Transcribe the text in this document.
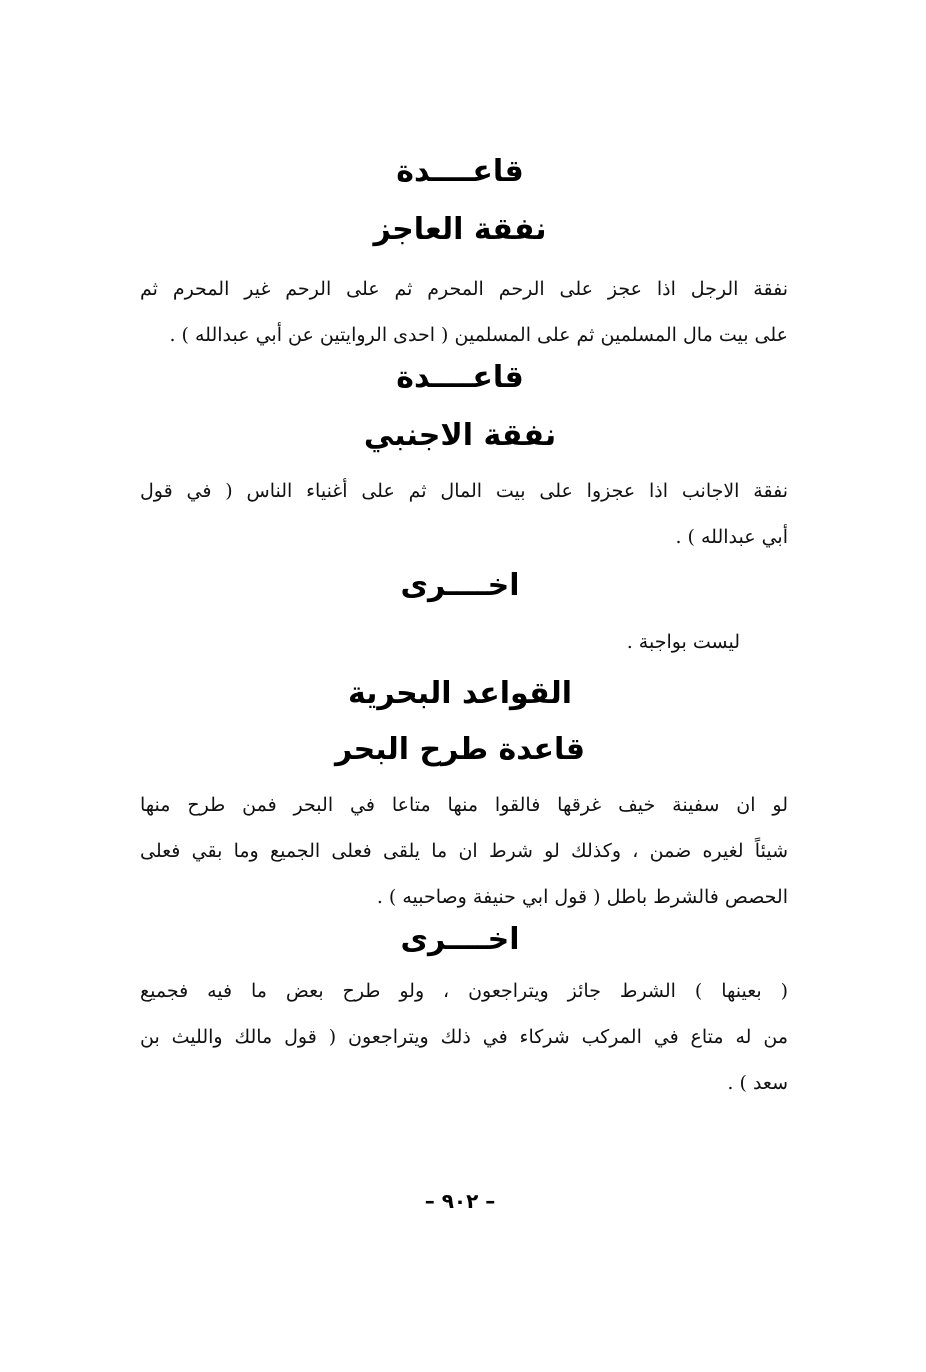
قاعــــدة
نفقة العاجز
نفقة الرجل اذا عجز على الرحم المحرم ثم على الرحم غير المحرم ثم
على بيت مال المسلمين ثم على المسلمين ( احدى الروايتين عن أبي عبدالله ) .
قاعــــدة
نفقة الاجنبي
نفقة الاجانب اذا عجزوا على بيت المال ثم على أغنياء الناس ( في قول
أبي عبدالله ) .
اخــــرى
ليست بواجبة .
القواعد البحرية
قاعدة طرح البحر
لو ان سفينة خيف غرقها فالقوا منها متاعا في البحر فمن طرح منها
شيئاً لغيره ضمن ، وكذلك لو شرط ان ما يلقى فعلى الجميع وما بقي فعلى
الحصص فالشرط باطل ( قول ابي حنيفة وصاحبيه ) .
اخــــرى
( بعينها ) الشرط جائز ويتراجعون ، ولو طرح بعض ما فيه فجميع
من له متاع في المركب شركاء في ذلك ويتراجعون ( قول مالك والليث بن
سعد ) .
– ٩٠٢ –
